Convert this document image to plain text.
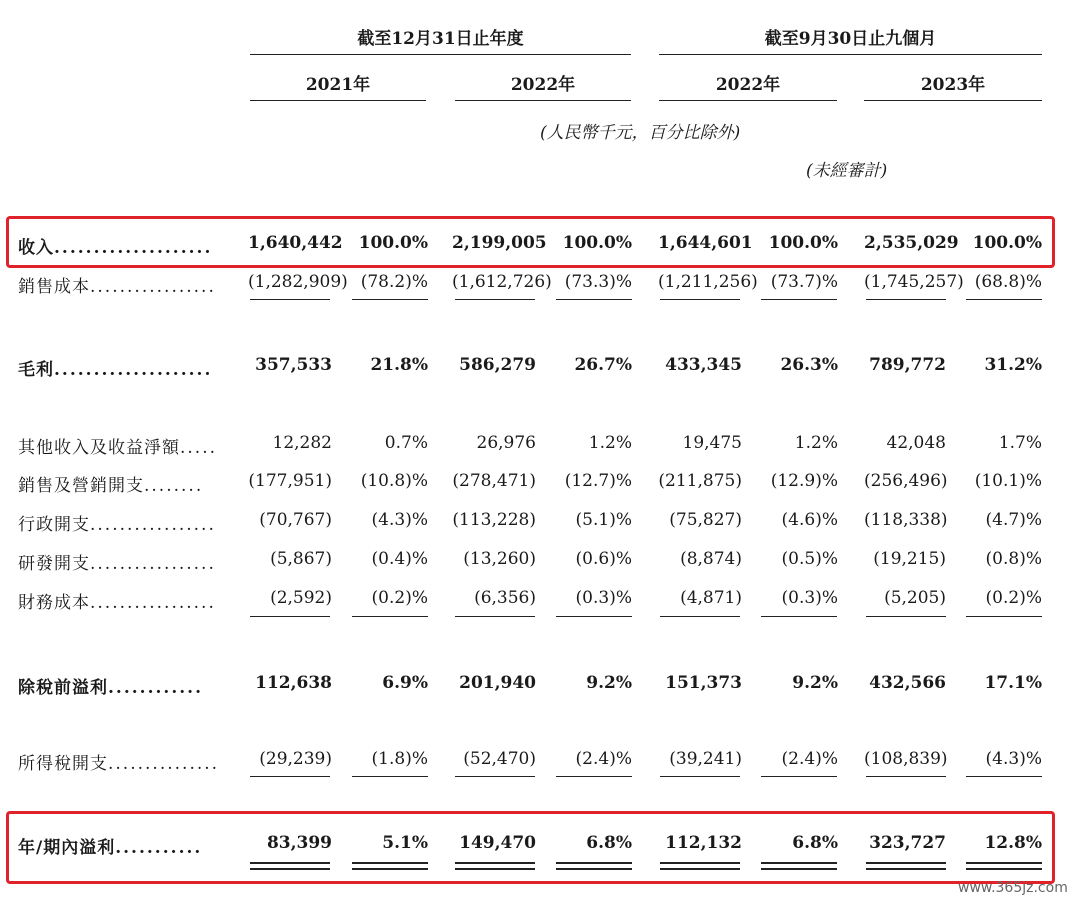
截至12月31日止年度	截至9月30日止九個月
2021年	2022年	2022年	2023年
(人民幣千元，百分比除外)
(未經審計)
收入....................	1,640,442 100.0% 2,199,005 100.0% 1,644,601 100.0% 2,535,029 100.0%
銷售成本.................	(1,282,909) (78.2)% (1,612,726) (73.3)% (1,211,256) (73.7)% (1,745,257) (68.8)%
毛利....................	357,533	21.8%	586,279	26.7%	433,345	26.3%	789,772	31.2%
其他收入及收益淨額.....	12,282	0.7%	26,976	1.2%	19,475	1.2%	42,048	1.7%
銷售及營銷開支........	(177,951)	(10.8)% (278,471)	(12.7)% (211,875)	(12.9)% (256,496)	(10.1)%
行政開支.................	(70,767)	(4.3)% (113,228)	(5.1)%	(75,827)	(4.6)% (118,338)	(4.7)%
研發開支.................	(5,867)	(0.4)%	(13,260)	(0.6)%	(8,874)	(0.5)%	(19,215)	(0.8)%
財務成本.................	(2,592)	(0.2)%	(6,356)	(0.3)%	(4,871)	(0.3)%	(5,205)	(0.2)%
除稅前溢利............	112,638	6.9%	201,940	9.2%	151,373	9.2%	432,566	17.1%
所得稅開支...............	(29,239)	(1.8)%	(52,470)	(2.4)%	(39,241)	(2.4)% (108,839)	(4.3)%
年/期內溢利...........	83,399	5.1%	149,470	6.8%	112,132	6.8%	323,727	12.8%
www.365jz.com
